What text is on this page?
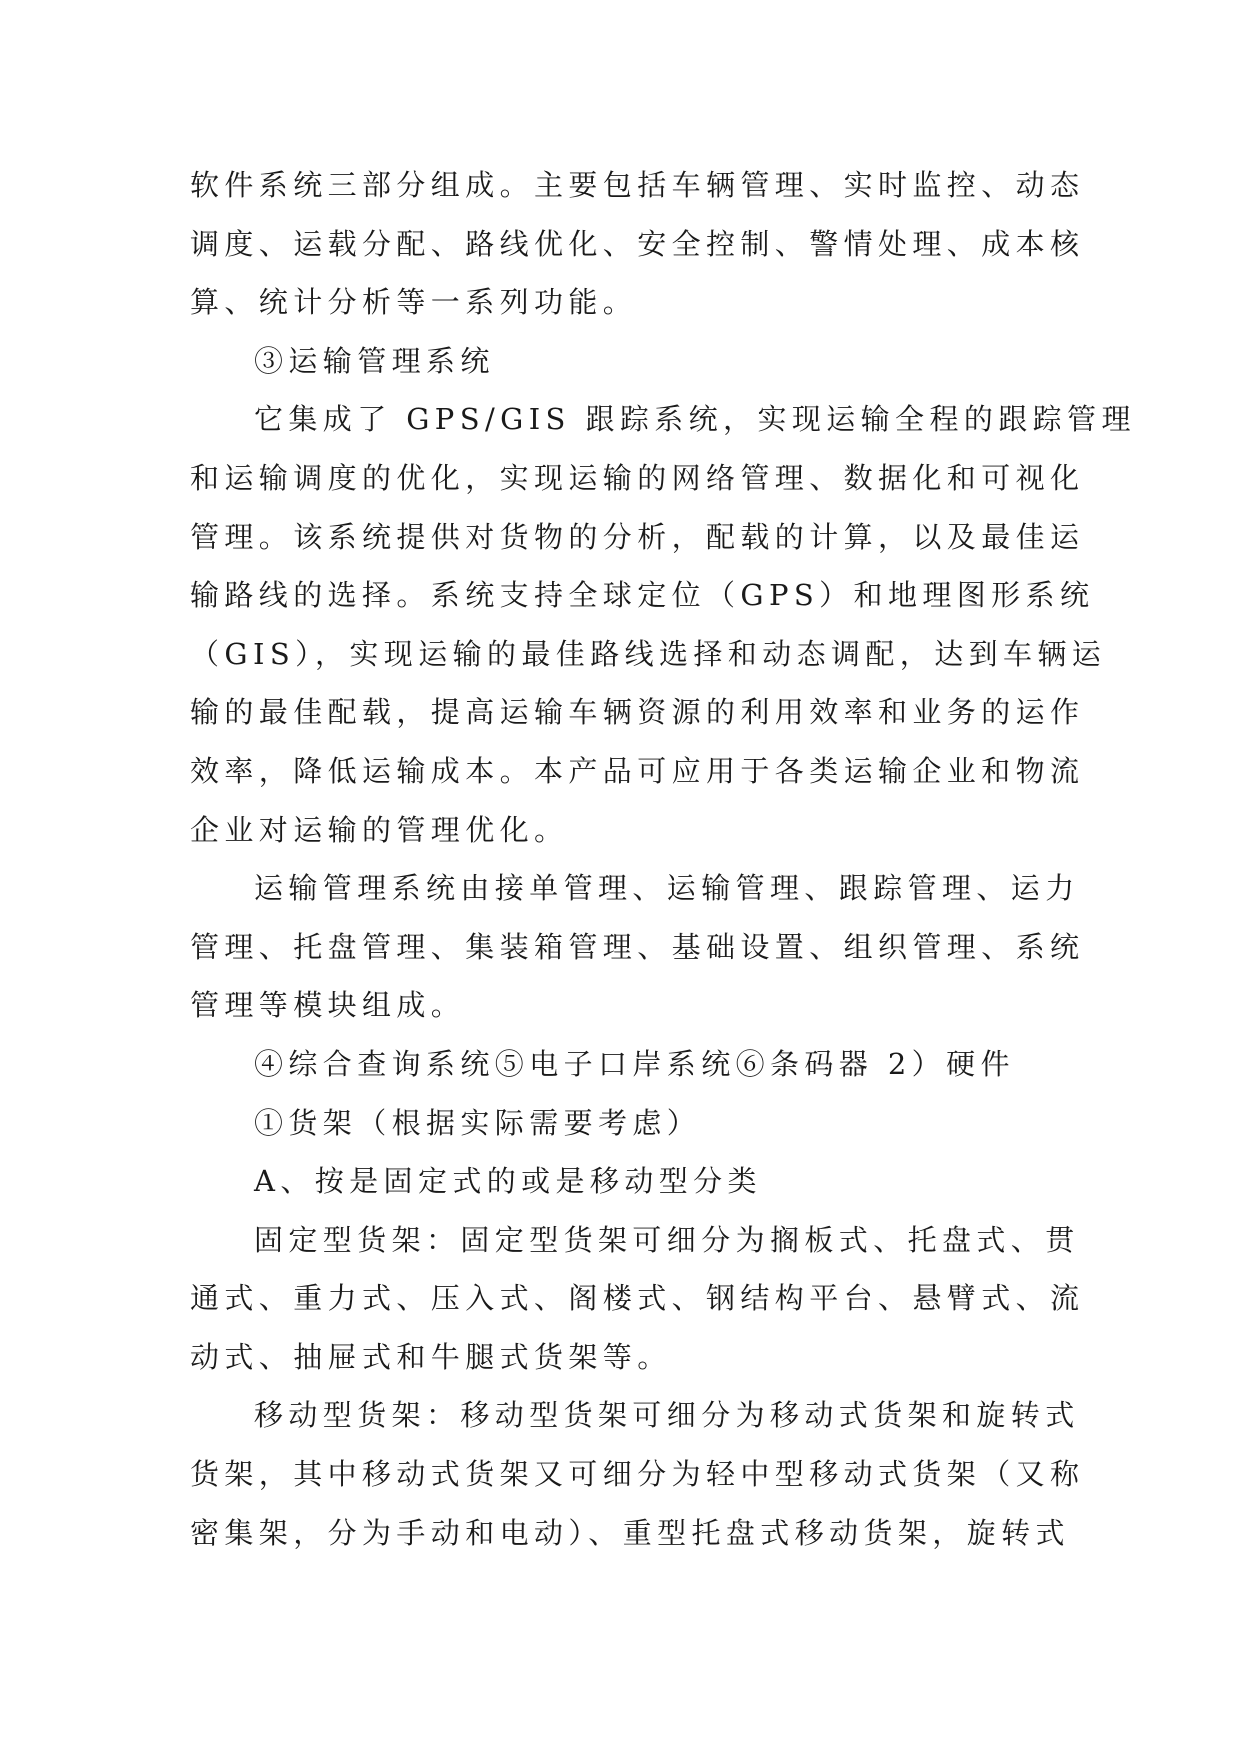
软件系统三部分组成。主要包括车辆管理、实时监控、动态
调度、运载分配、路线优化、安全控制、警情处理、成本核
算、统计分析等一系列功能。
③运输管理系统
它集成了 GPS/GIS 跟踪系统，实现运输全程的跟踪管理
和运输调度的优化，实现运输的网络管理、数据化和可视化
管理。该系统提供对货物的分析，配载的计算，以及最佳运
输路线的选择。系统支持全球定位（GPS）和地理图形系统
（GIS），实现运输的最佳路线选择和动态调配，达到车辆运
输的最佳配载，提高运输车辆资源的利用效率和业务的运作
效率，降低运输成本。本产品可应用于各类运输企业和物流
企业对运输的管理优化。
运输管理系统由接单管理、运输管理、跟踪管理、运力
管理、托盘管理、集装箱管理、基础设置、组织管理、系统
管理等模块组成。
④综合查询系统⑤电子口岸系统⑥条码器 2）硬件
①货架（根据实际需要考虑）
A、按是固定式的或是移动型分类
固定型货架：固定型货架可细分为搁板式、托盘式、贯
通式、重力式、压入式、阁楼式、钢结构平台、悬臂式、流
动式、抽屉式和牛腿式货架等。
移动型货架：移动型货架可细分为移动式货架和旋转式
货架，其中移动式货架又可细分为轻中型移动式货架（又称
密集架，分为手动和电动）、重型托盘式移动货架，旋转式
